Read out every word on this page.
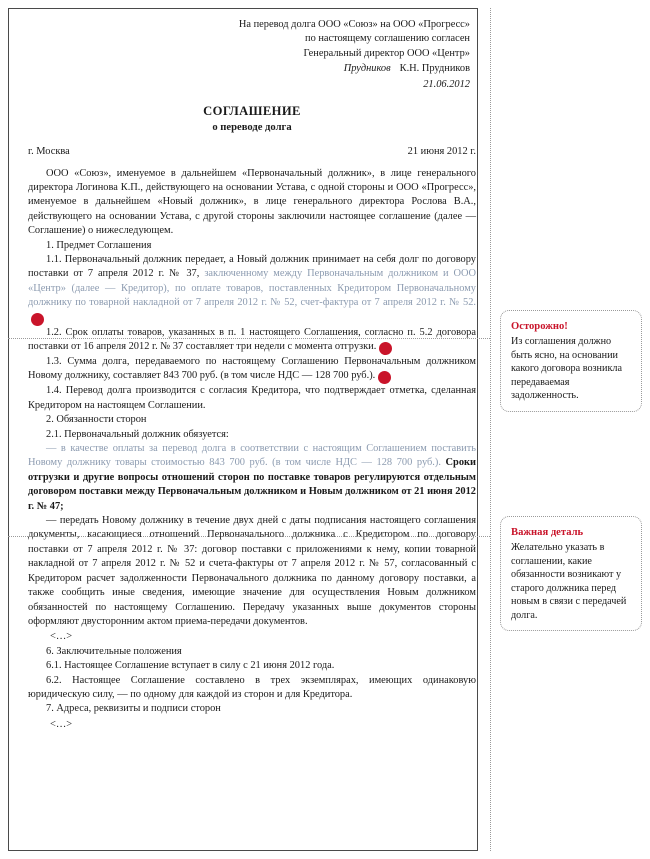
На перевод долга ООО «Союз» на ООО «Прогресс»
по настоящему соглашению согласен
Генеральный директор ООО «Центр»
Прудников К.Н. Прудников
21.06.2012
СОГЛАШЕНИЕ
о переводе долга
г. Москва	21 июня 2012 г.

ООО «Союз», именуемое в дальнейшем «Первоначальный должник», в лице генерального директора Логинова К.П., действующего на основании Устава, с одной стороны и ООО «Прогресс», именуемое в дальнейшем «Новый должник», в лице генерального директора Рослова В.А., действующего на основании Устава, с другой стороны заключили настоящее соглашение (далее — Соглашение) о нижеследующем.

1. Предмет Соглашения

1.1. Первоначальный должник передает, а Новый должник принимает на себя долг по договору поставки от 7 апреля 2012 г. № 37, заключенному между Первоначальным должником и ООО «Центр» (далее — Кредитор), по оплате товаров, поставленных Кредитором Первоначальному должнику по товарной накладной от 7 апреля 2012 г. № 52, счет-фактура от 7 апреля 2012 г. № 52.1

1.2. Срок оплаты товаров, указанных в п. 1 настоящего Соглашения, согласно п. 5.2 договора поставки от 16 апреля 2012 г. № 37 составляет три недели с момента отгрузки. 2

1.3. Сумма долга, передаваемого по настоящему Соглашению Первоначальным должником Новому должнику, составляет 843 700 руб. (в том числе НДС — 128 700 руб.). 3

1.4. Перевод долга производится с согласия Кредитора, что подтверждает отметка, сделанная Кредитором на настоящем Соглашении.

2. Обязанности сторон

2.1. Первоначальный должник обязуется:

— в качестве оплаты за перевод долга в соответствии с настоящим Соглашением поставить Новому должнику товары стоимостью 843 700 руб. (в том числе НДС — 128 700 руб.). Сроки отгрузки и другие вопросы отношений сторон по поставке товаров регулируются отдельным договором поставки между Первоначальным должником и Новым должником от 21 июня 2012 г. № 47;

— передать Новому должнику в течение двух дней с даты подписания настоящего соглашения документы, касающиеся отношений Первоначального должника с Кредитором по договору поставки от 7 апреля 2012 г. № 37: договор поставки с приложениями к нему, копии товарной накладной от 7 апреля 2012 г. № 52 и счета-фактуры от 7 апреля 2012 г. № 57, согласованный с Кредитором расчет задолженности Первоначального должника по данному договору поставки, а также сообщить иные сведения, имеющие значение для осуществления Новым должником обязанностей по настоящему Соглашению. Передачу указанных выше документов стороны оформляют двусторонним актом приема-передачи документов.

<…>

6. Заключительные положения

6.1. Настоящее Соглашение вступает в силу с 21 июня 2012 года.

6.2. Настоящее Соглашение составлено в трех экземплярах, имеющих одинаковую юридическую силу, — по одному для каждой из сторон и для Кредитора.

7. Адреса, реквизиты и подписи сторон

<…>

Осторожно!
Из соглашения должно быть ясно, на основании какого договора возникла передаваемая задолженность.
Важная деталь
Желательно указать в соглашении, какие обязанности возникают у старого должника перед новым в связи с передачей долга.
